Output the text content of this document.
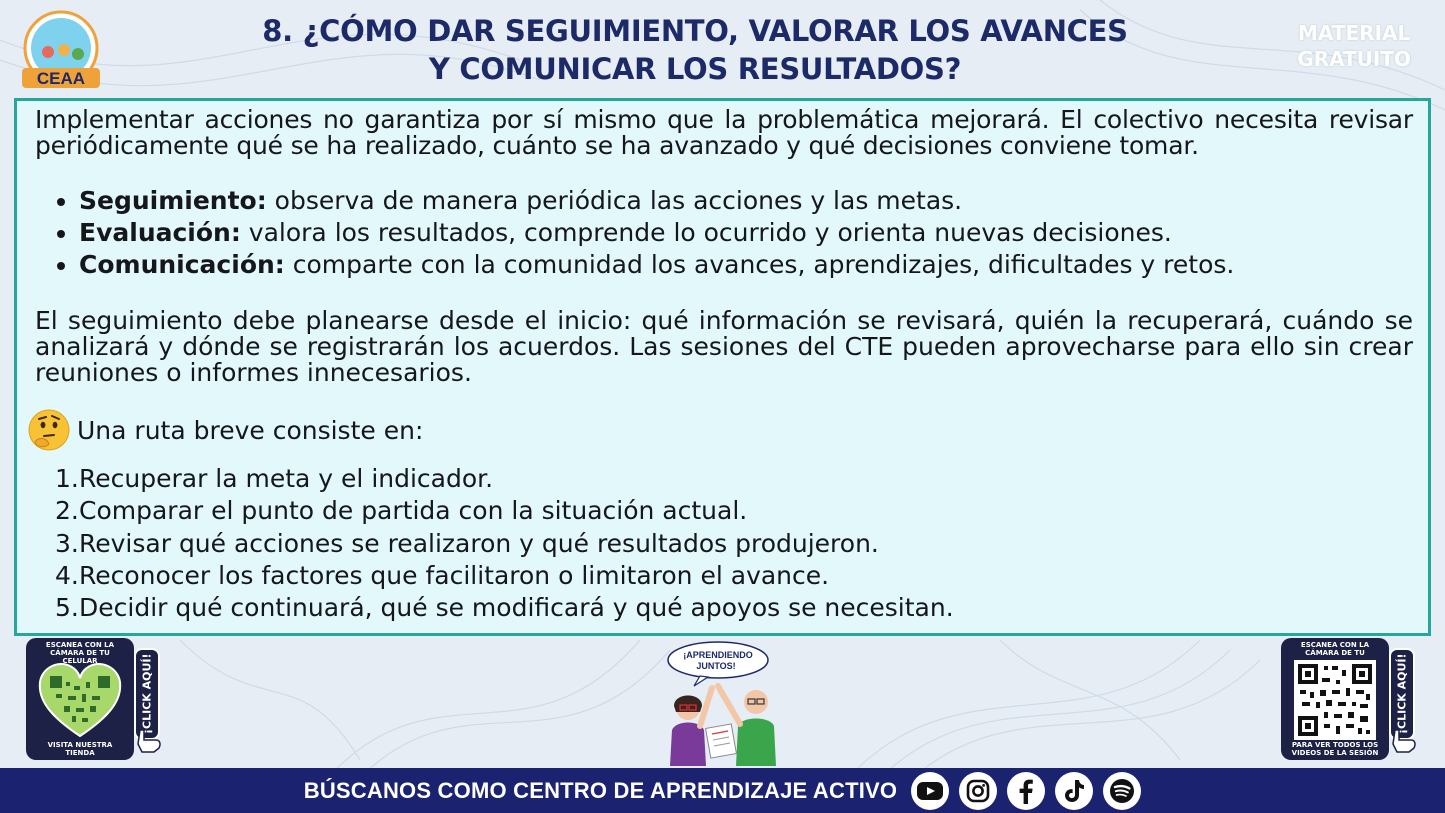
CEAA
8. ¿CÓMO DAR SEGUIMIENTO, VALORAR LOS AVANCES
Y COMUNICAR LOS RESULTADOS?
MATERIAL
GRATUITO

Implementar acciones no garantiza por sí mismo que la problemática mejorará. El colectivo necesita revisar periódicamente qué se ha realizado, cuánto se ha avanzado y qué decisiones conviene tomar.

• Seguimiento: observa de manera periódica las acciones y las metas.
• Evaluación: valora los resultados, comprende lo ocurrido y orienta nuevas decisiones.
• Comunicación: comparte con la comunidad los avances, aprendizajes, dificultades y retos.

El seguimiento debe planearse desde el inicio: qué información se revisará, quién la recuperará, cuándo se analizará y dónde se registrarán los acuerdos. Las sesiones del CTE pueden aprovecharse para ello sin crear reuniones o informes innecesarios.

Una ruta breve consiste en:
1. Recuperar la meta y el indicador.
2. Comparar el punto de partida con la situación actual.
3. Revisar qué acciones se realizaron y qué resultados produjeron.
4. Reconocer los factores que facilitaron o limitaron el avance.
5. Decidir qué continuará, qué se modificará y qué apoyos se necesitan.
ESCANEA CON LA CÁMARA DE TU CELULAR
VISITA NUESTRA TIENDA
¡CLICK AQUÍ!	¡APRENDIENDO
JUNTOS!
ESCANEA CON LA CÁMARA DE TU
PARA VER TODOS LOS VIDEOS DE LA SESIÓN
¡CLICK AQUÍ!
BÚSCANOS COMO CENTRO DE APRENDIZAJE ACTIVO
